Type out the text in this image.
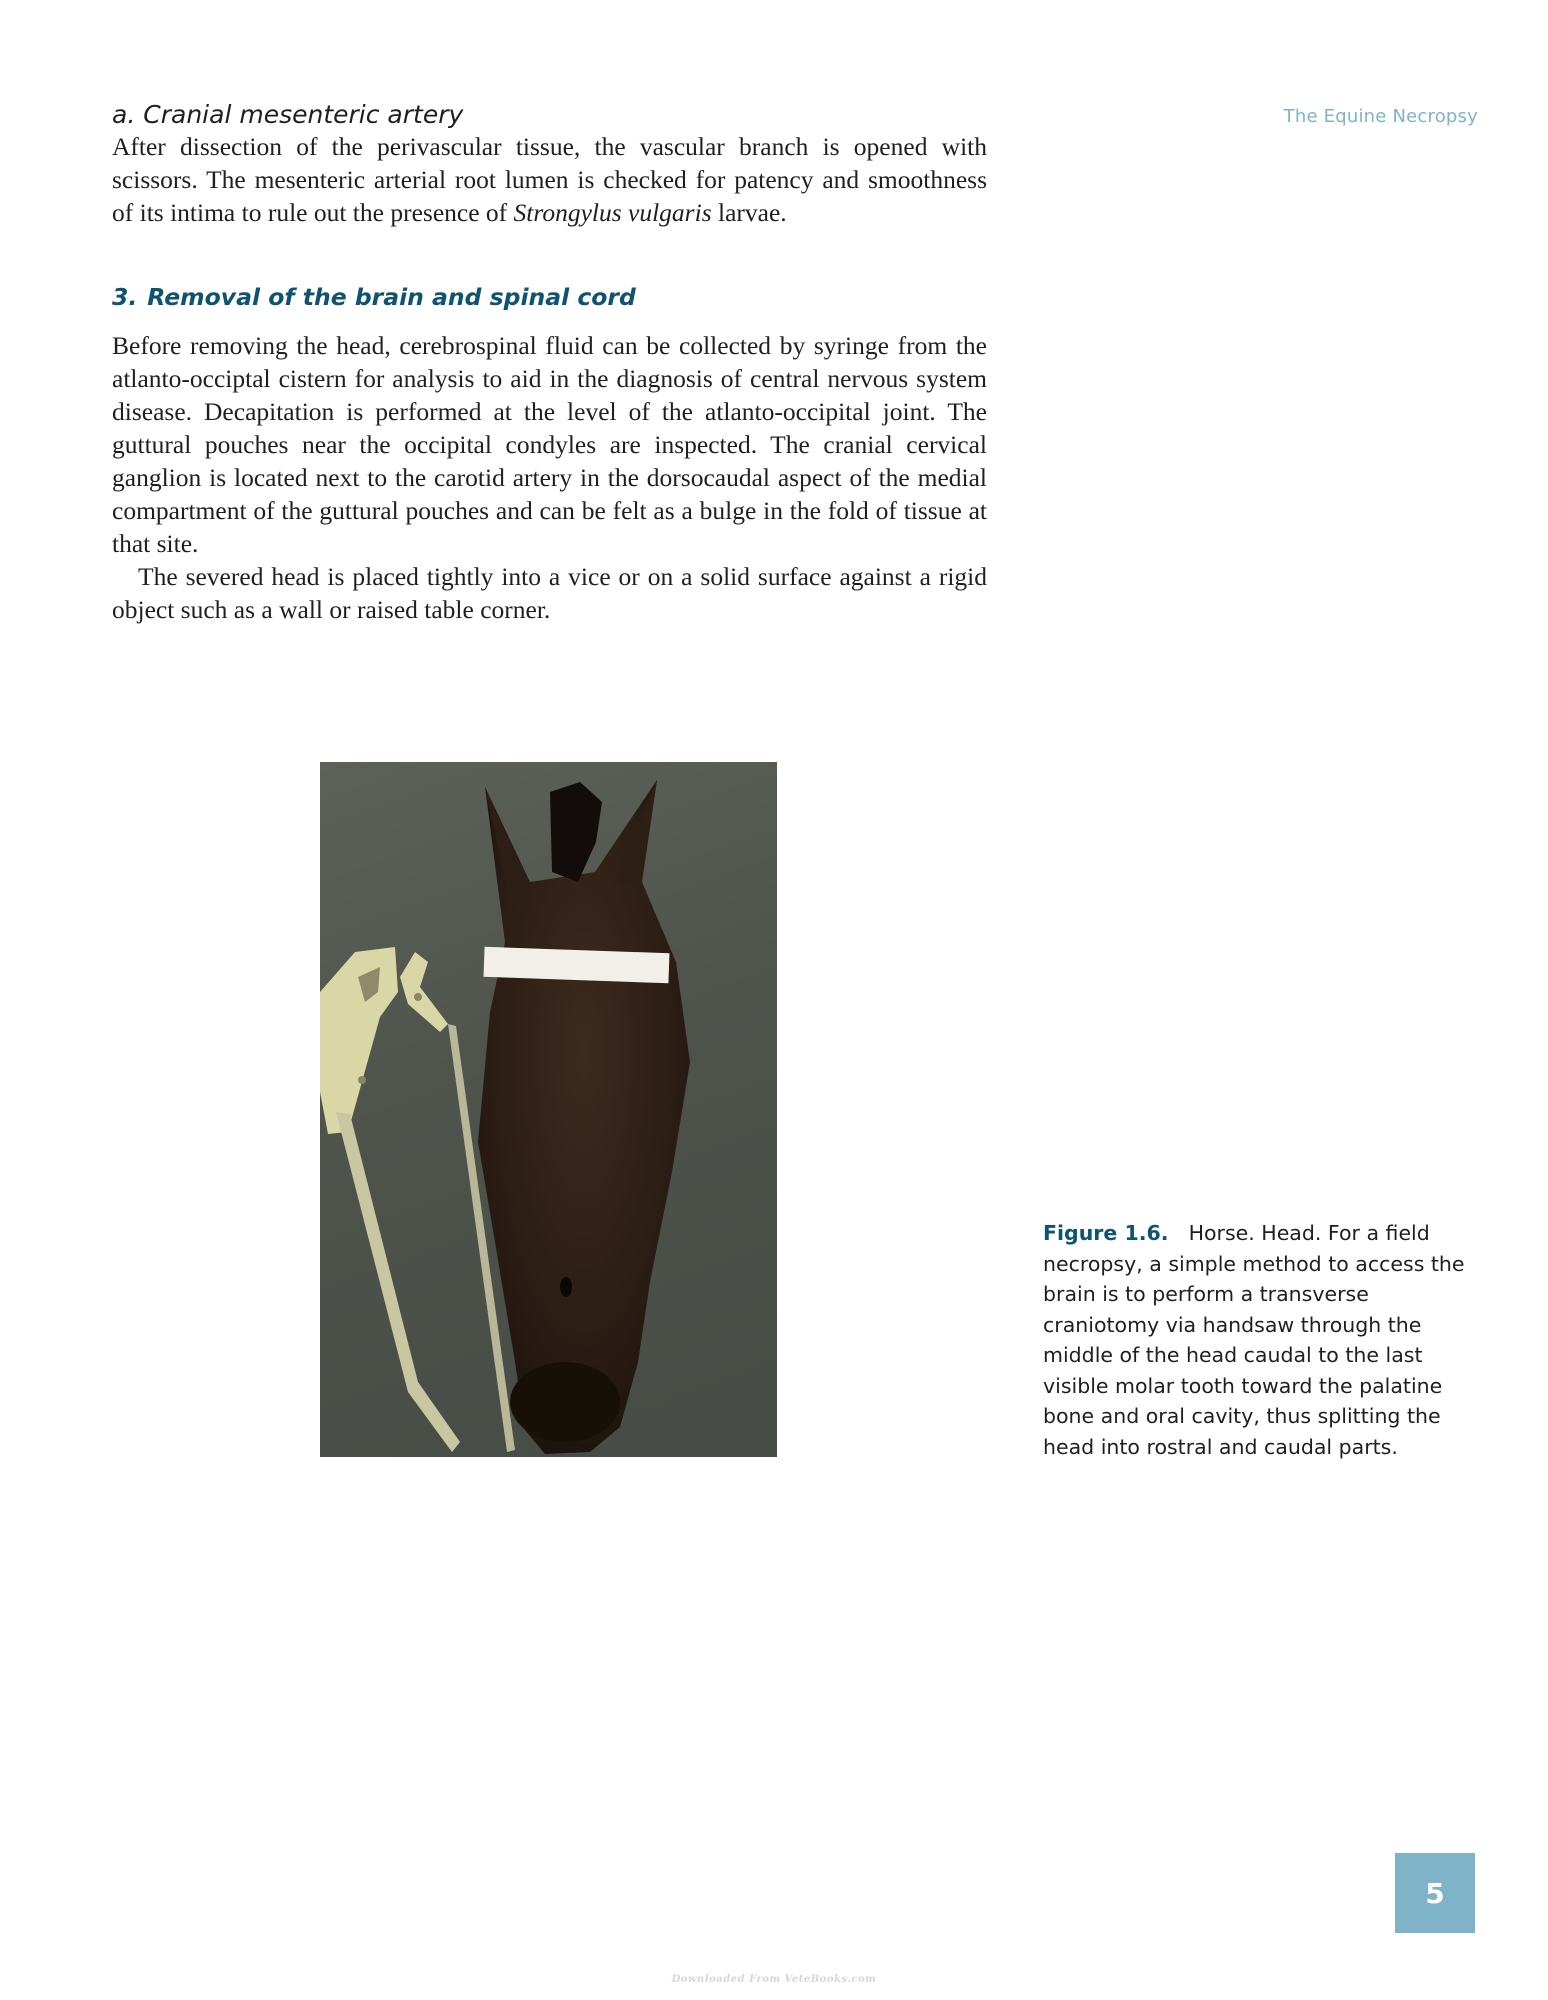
The Equine Necropsy

a. Cranial mesenteric artery

After dissection of the perivascular tissue, the vascular branch is opened with scissors. The mesenteric arterial root lumen is checked for patency and smoothness of its intima to rule out the presence of Strongylus vulgaris larvae.

3. Removal of the brain and spinal cord

Before removing the head, cerebrospinal fluid can be collected by syringe from the atlanto-occiptal cistern for analysis to aid in the diagnosis of central nervous system disease. Decapitation is performed at the level of the atlanto-occipital joint. The guttural pouches near the occipital condyles are inspected. The cranial cervical ganglion is located next to the carotid artery in the dorsocaudal aspect of the medial compartment of the guttural pouches and can be felt as a bulge in the fold of tissue at that site.

The severed head is placed tightly into a vice or on a solid surface against a rigid object such as a wall or raised table corner.

Figure 1.6. Horse. Head. For a field necropsy, a simple method to access the brain is to perform a transverse craniotomy via handsaw through the middle of the head caudal to the last visible molar tooth toward the palatine bone and oral cavity, thus splitting the head into rostral and caudal parts.
5
Downloaded From VeteBooks.com
